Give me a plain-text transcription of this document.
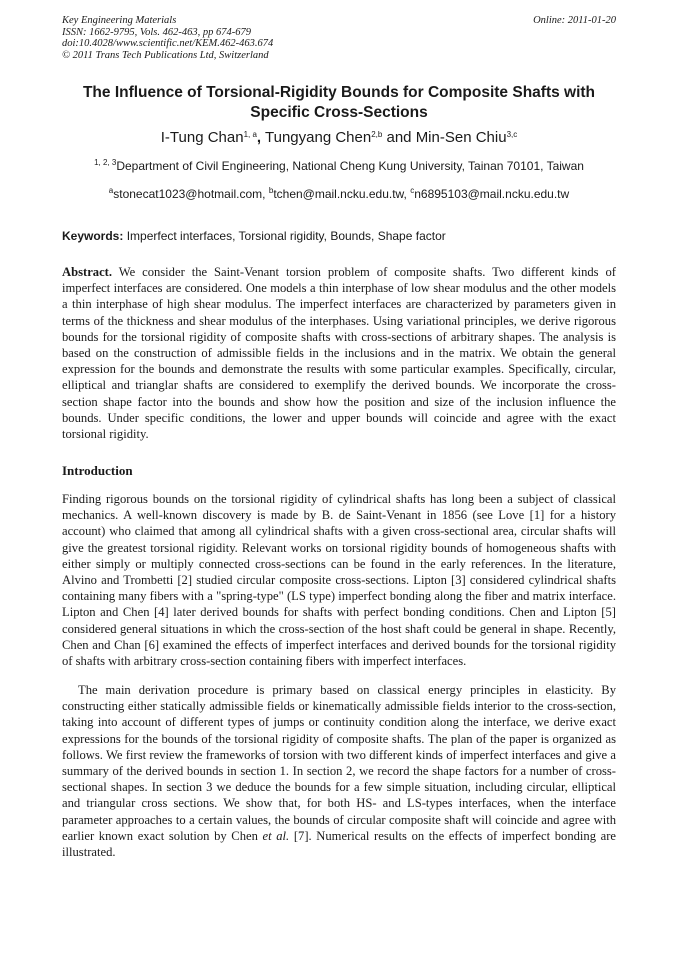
Key Engineering Materials
ISSN: 1662-9795, Vols. 462-463, pp 674-679
doi:10.4028/www.scientific.net/KEM.462-463.674
© 2011 Trans Tech Publications Ltd, Switzerland
Online: 2011-01-20
The Influence of Torsional-Rigidity Bounds for Composite Shafts with
Specific Cross-Sections
I-Tung Chan$^{1, a}$, Tungyang Chen$^{2,b}$ and Min-Sen Chiu$^{3,c}$
$^{1, 2, 3}$Department of Civil Engineering, National Cheng Kung University, Tainan 70101, Taiwan
$^a$stonecat1023@hotmail.com, $^b$tchen@mail.ncku.edu.tw, $^c$n6895103@mail.ncku.edu.tw
Keywords: Imperfect interfaces, Torsional rigidity, Bounds, Shape factor
Abstract. We consider the Saint-Venant torsion problem of composite shafts. Two different kinds of imperfect interfaces are considered. One models a thin interphase of low shear modulus and the other models a thin interphase of high shear modulus. The imperfect interfaces are characterized by parameters given in terms of the thickness and shear modulus of the interphases. Using variational principles, we derive rigorous bounds for the torsional rigidity of composite shafts with cross-sections of arbitrary shapes. The analysis is based on the construction of admissible fields in the inclusions and in the matrix. We obtain the general expression for the bounds and demonstrate the results with some particular examples. Specifically, circular, elliptical and trianglar shafts are considered to exemplify the derived bounds. We incorporate the cross-section shape factor into the bounds and show how the position and size of the inclusion influence the bounds. Under specific conditions, the lower and upper bounds will coincide and agree with the exact torsional rigidity.
Introduction
Finding rigorous bounds on the torsional rigidity of cylindrical shafts has long been a subject of classical mechanics. A well-known discovery is made by B. de Saint-Venant in 1856 (see Love [1] for a history account) who claimed that among all cylindrical shafts with a given cross-sectional area, circular shafts will give the greatest torsional rigidity. Relevant works on torsional rigidity bounds of homogeneous shafts with either simply or multiply connected cross-sections can be found in the early references. In the literature, Alvino and Trombetti [2] studied circular composite cross-sections. Lipton [3] considered cylindrical shafts containing many fibers with a "spring-type" (LS type) imperfect bonding along the fiber and matrix interface. Lipton and Chen [4] later derived bounds for shafts with perfect bonding conditions. Chen and Lipton [5] considered general situations in which the cross-section of the host shaft could be general in shape. Recently, Chen and Chan [6] examined the effects of imperfect interfaces and derived bounds for the torsional rigidity of shafts with arbitrary cross-section containing fibers with imperfect interfaces.
The main derivation procedure is primary based on classical energy principles in elasticity. By constructing either statically admissible fields or kinematically admissible fields interior to the cross-section, taking into account of different types of jumps or continuity condition along the interface, we derive exact expressions for the bounds of the torsional rigidity of composite shafts. The plan of the paper is organized as follows. We first review the frameworks of torsion with two different kinds of imperfect interfaces and give a summary of the derived bounds in section 1. In section 2, we record the shape factors for a number of cross-sectional shapes. In section 3 we deduce the bounds for a few simple situation, including circular, elliptical and triangular cross sections. We show that, for both HS- and LS-types interfaces, when the interface parameter approaches to a certain values, the bounds of circular composite shaft will coincide and agree with earlier known exact solution by Chen et al. [7]. Numerical results on the effects of imperfect bonding are illustrated.
